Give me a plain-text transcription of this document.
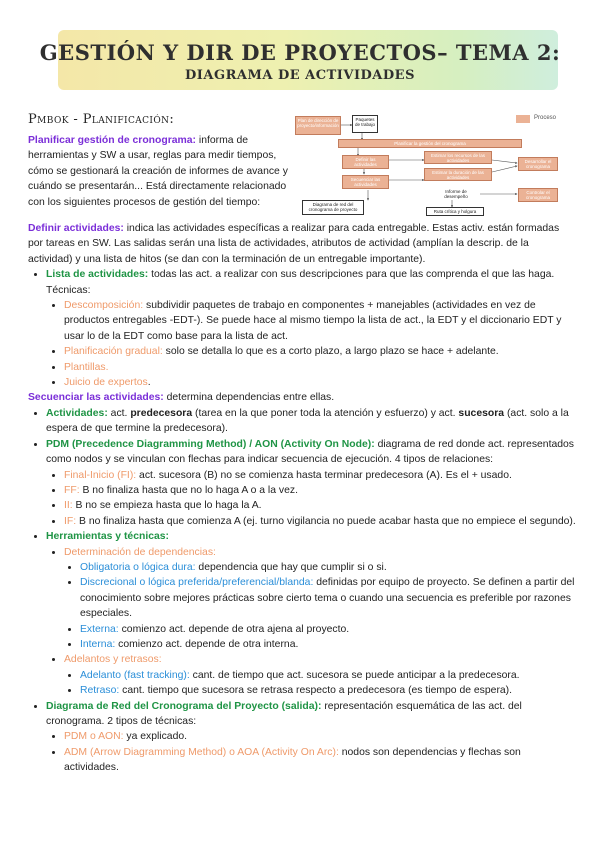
GESTIÓN Y DIR DE PROYECTOS– TEMA 2:
DIAGRAMA DE ACTIVIDADES
Pmbok - Planificación:
Planificar gestión de cronograma: informa de herramientas y SW a usar, reglas para medir tiempos, cómo se gestionará la creación de informes de avance y cuándo se presentarán... Está directamente relacionado con los siguientes procesos de gestión del tiempo:
Plan de dirección de proyecto/información
Paquetes de trabajo
Planificar la gestión del cronograma
Definir las actividades
Estimar los recursos de las actividades	Desarrollar el cronograma
Secuenciar las actividades
Estimar la duración de las actividades
Diagrama de red del cronograma de proyecto
Informe de desempeño
Controlar el cronograma
Ruta crítica y holgura
Proceso

Definir actividades: indica las actividades específicas a realizar para cada entregable. Estas activ. están formadas por tareas en SW. Las salidas serán una lista de actividades, atributos de actividad (amplían la descrip. de la actividad) y una lista de hitos (se dan con la terminación de un entregable importante).

• Lista de actividades: todas las act. a realizar con sus descripciones para que las comprenda el que las haga. Técnicas:
• Descomposición: subdividir paquetes de trabajo en componentes + manejables (actividades en vez de productos entregables -EDT-). Se puede hace al mismo tiempo la lista de act., la EDT y el diccionario EDT y usar lo de la EDT como base para la lista de act.
• Planificación gradual: solo se detalla lo que es a corto plazo, a largo plazo se hace + adelante.
• Plantillas.
• Juicio de expertos.

Secuenciar las actividades: determina dependencias entre ellas.

• Actividades: act. predecesora (tarea en la que poner toda la atención y esfuerzo) y act. sucesora (act. solo a la espera de que termine la predecesora).
• PDM (Precedence Diagramming Method) / AON (Activity On Node): diagrama de red donde act. representados como nodos y se vinculan con flechas para indicar secuencia de ejecución. 4 tipos de relaciones:
• Final-Inicio (FI): act. sucesora (B) no se comienza hasta terminar predecesora (A). Es el + usado.
• FF: B no finaliza hasta que no lo haga A o a la vez.
• II: B no se empieza hasta que lo haga la A.
• IF: B no finaliza hasta que comienza A (ej. turno vigilancia no puede acabar hasta que no empiece el segundo).
• Herramientas y técnicas:
• Determinación de dependencias:
• Obligatoria o lógica dura: dependencia que hay que cumplir si o si.
• Discrecional o lógica preferida/preferencial/blanda: definidas por equipo de proyecto. Se definen a partir del conocimiento sobre mejores prácticas sobre cierto tema o cuando una secuencia es preferible por razones especiales.
• Externa: comienzo act. depende de otra ajena al proyecto.
• Interna: comienzo act. depende de otra interna.
• Adelantos y retrasos:
• Adelanto (fast tracking): cant. de tiempo que act. sucesora se puede anticipar a la predecesora.
• Retraso: cant. tiempo que sucesora se retrasa respecto a predecesora (es tiempo de espera).
• Diagrama de Red del Cronograma del Proyecto (salida): representación esquemática de las act. del cronograma. 2 tipos de técnicas:
• PDM o AON: ya explicado.
• ADM (Arrow Diagramming Method) o AOA (Activity On Arc): nodos son dependencias y flechas son actividades.
